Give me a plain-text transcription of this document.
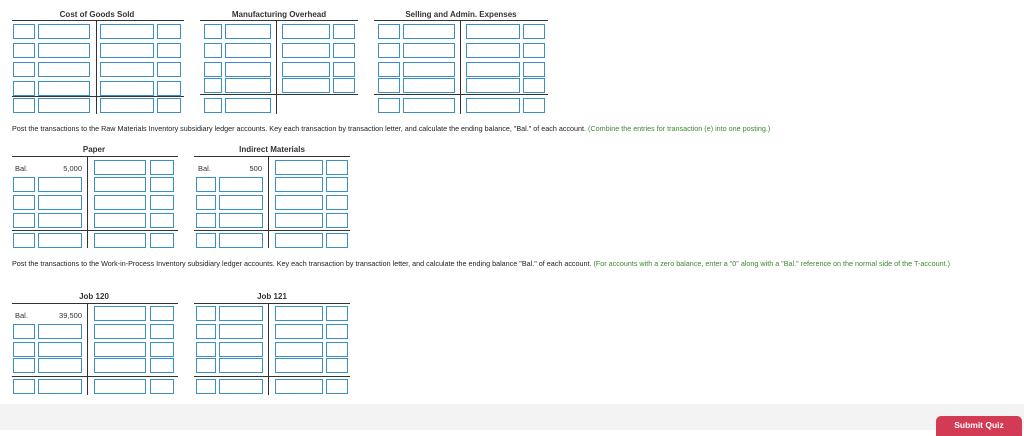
Cost of Goods Sold	Manufacturing Overhead	Selling and Admin. Expenses
Post the transactions to the Raw Materials Inventory subsidiary ledger accounts. Key each transaction by transaction letter, and calculate the ending balance, "Bal." of each account. (Combine the entries for transaction (e) into one posting.)
Paper
Bal.	5,000
Indirect Materials
Bal.	500
Post the transactions to the Work-in-Process Inventory subsidiary ledger accounts. Key each transaction by transaction letter, and calculate the ending balance "Bal." of each account. (For accounts with a zero balance, enter a "0" along with a "Bal." reference on the normal side of the T-account.)
Job 120
Bal.	39,500
Job 121
Submit Quiz
